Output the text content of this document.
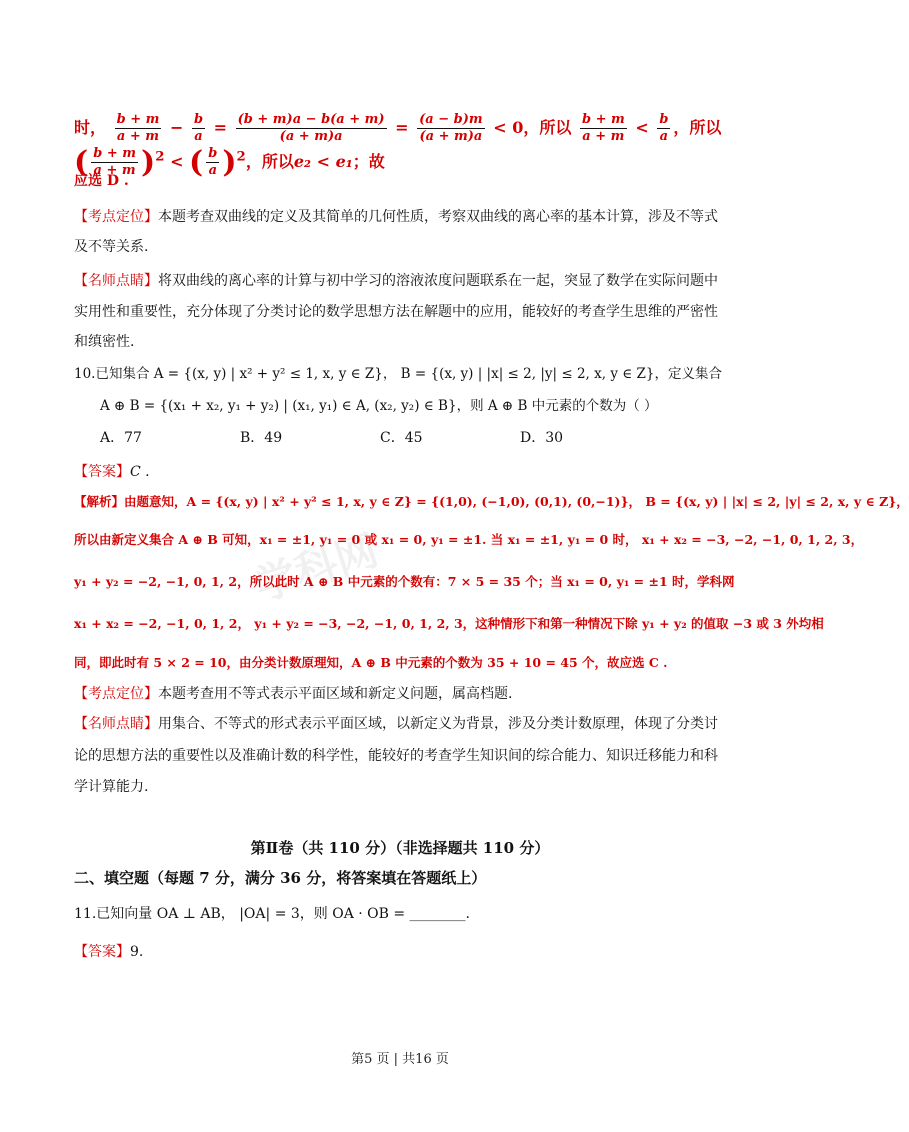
时， $\frac{b + m}{a + m} - \frac{b}{a} = \frac{(b + m)a - b(a + m)}{(a + m)a} = \frac{(a - b)m}{(a + m)a} < 0$，所以 $\frac{b + m}{a + m} < \frac{b}{a}$ ，所以( $\frac{b + m}{a + m} )^2$ < ( $\frac{b}{a} )^2$，所以e₂ < e₁；故
应选 D .
【考点定位】本题考查双曲线的定义及其简单的几何性质，考察双曲线的离心率的基本计算，涉及不等式
及不等关系.
【名师点睛】将双曲线的离心率的计算与初中学习的溶液浓度问题联系在一起，突显了数学在实际问题中
实用性和重要性，充分体现了分类讨论的数学思想方法在解题中的应用，能较好的考查学生思维的严密性
和缜密性.
10.已知集合 A = {(x, y) | x² + y² ≤ 1, x, y ∈ Z}， B = {(x, y) | |x| ≤ 2, |y| ≤ 2, x, y ∈ Z}，定义集合
A ⊕ B = {(x₁ + x₂, y₁ + y₂) | (x₁, y₁) ∈ A, (x₂, y₂) ∈ B}，则 A ⊕ B 中元素的个数为（ ）
A．77	B．49	C．45	D．30
【答案】C .
学科网
【解析】由题意知，A = {(x, y) | x² + y² ≤ 1, x, y ∈ Z} = {(1,0), (−1,0), (0,1), (0,−1)}， B = {(x, y) | |x| ≤ 2, |y| ≤ 2, x, y ∈ Z}，
所以由新定义集合 A ⊕ B 可知，x₁ = ±1, y₁ = 0 或 x₁ = 0, y₁ = ±1. 当 x₁ = ±1, y₁ = 0 时， x₁ + x₂ = −3, −2, −1, 0, 1, 2, 3，
y₁ + y₂ = −2, −1, 0, 1, 2，所以此时 A ⊕ B 中元素的个数有：7 × 5 = 35 个；当 x₁ = 0, y₁ = ±1 时，学科网
x₁ + x₂ = −2, −1, 0, 1, 2， y₁ + y₂ = −3, −2, −1, 0, 1, 2, 3，这种情形下和第一种情况下除 y₁ + y₂ 的值取 −3 或 3 外均相
同，即此时有 5 × 2 = 10，由分类计数原理知，A ⊕ B 中元素的个数为 35 + 10 = 45 个，故应选 C .
【考点定位】本题考查用不等式表示平面区域和新定义问题，属高档题.
【名师点睛】用集合、不等式的形式表示平面区域，以新定义为背景，涉及分类计数原理，体现了分类讨
论的思想方法的重要性以及准确计数的科学性，能较好的考查学生知识间的综合能力、知识迁移能力和科
学计算能力.
第Ⅱ卷（共 110 分）（非选择题共 110 分）
二、填空题（每题 7 分，满分 36 分，将答案填在答题纸上）
11.已知向量 OA ⊥ AB， |OA| = 3，则 OA · OB = ________.
【答案】9.
第5 页 | 共16 页
